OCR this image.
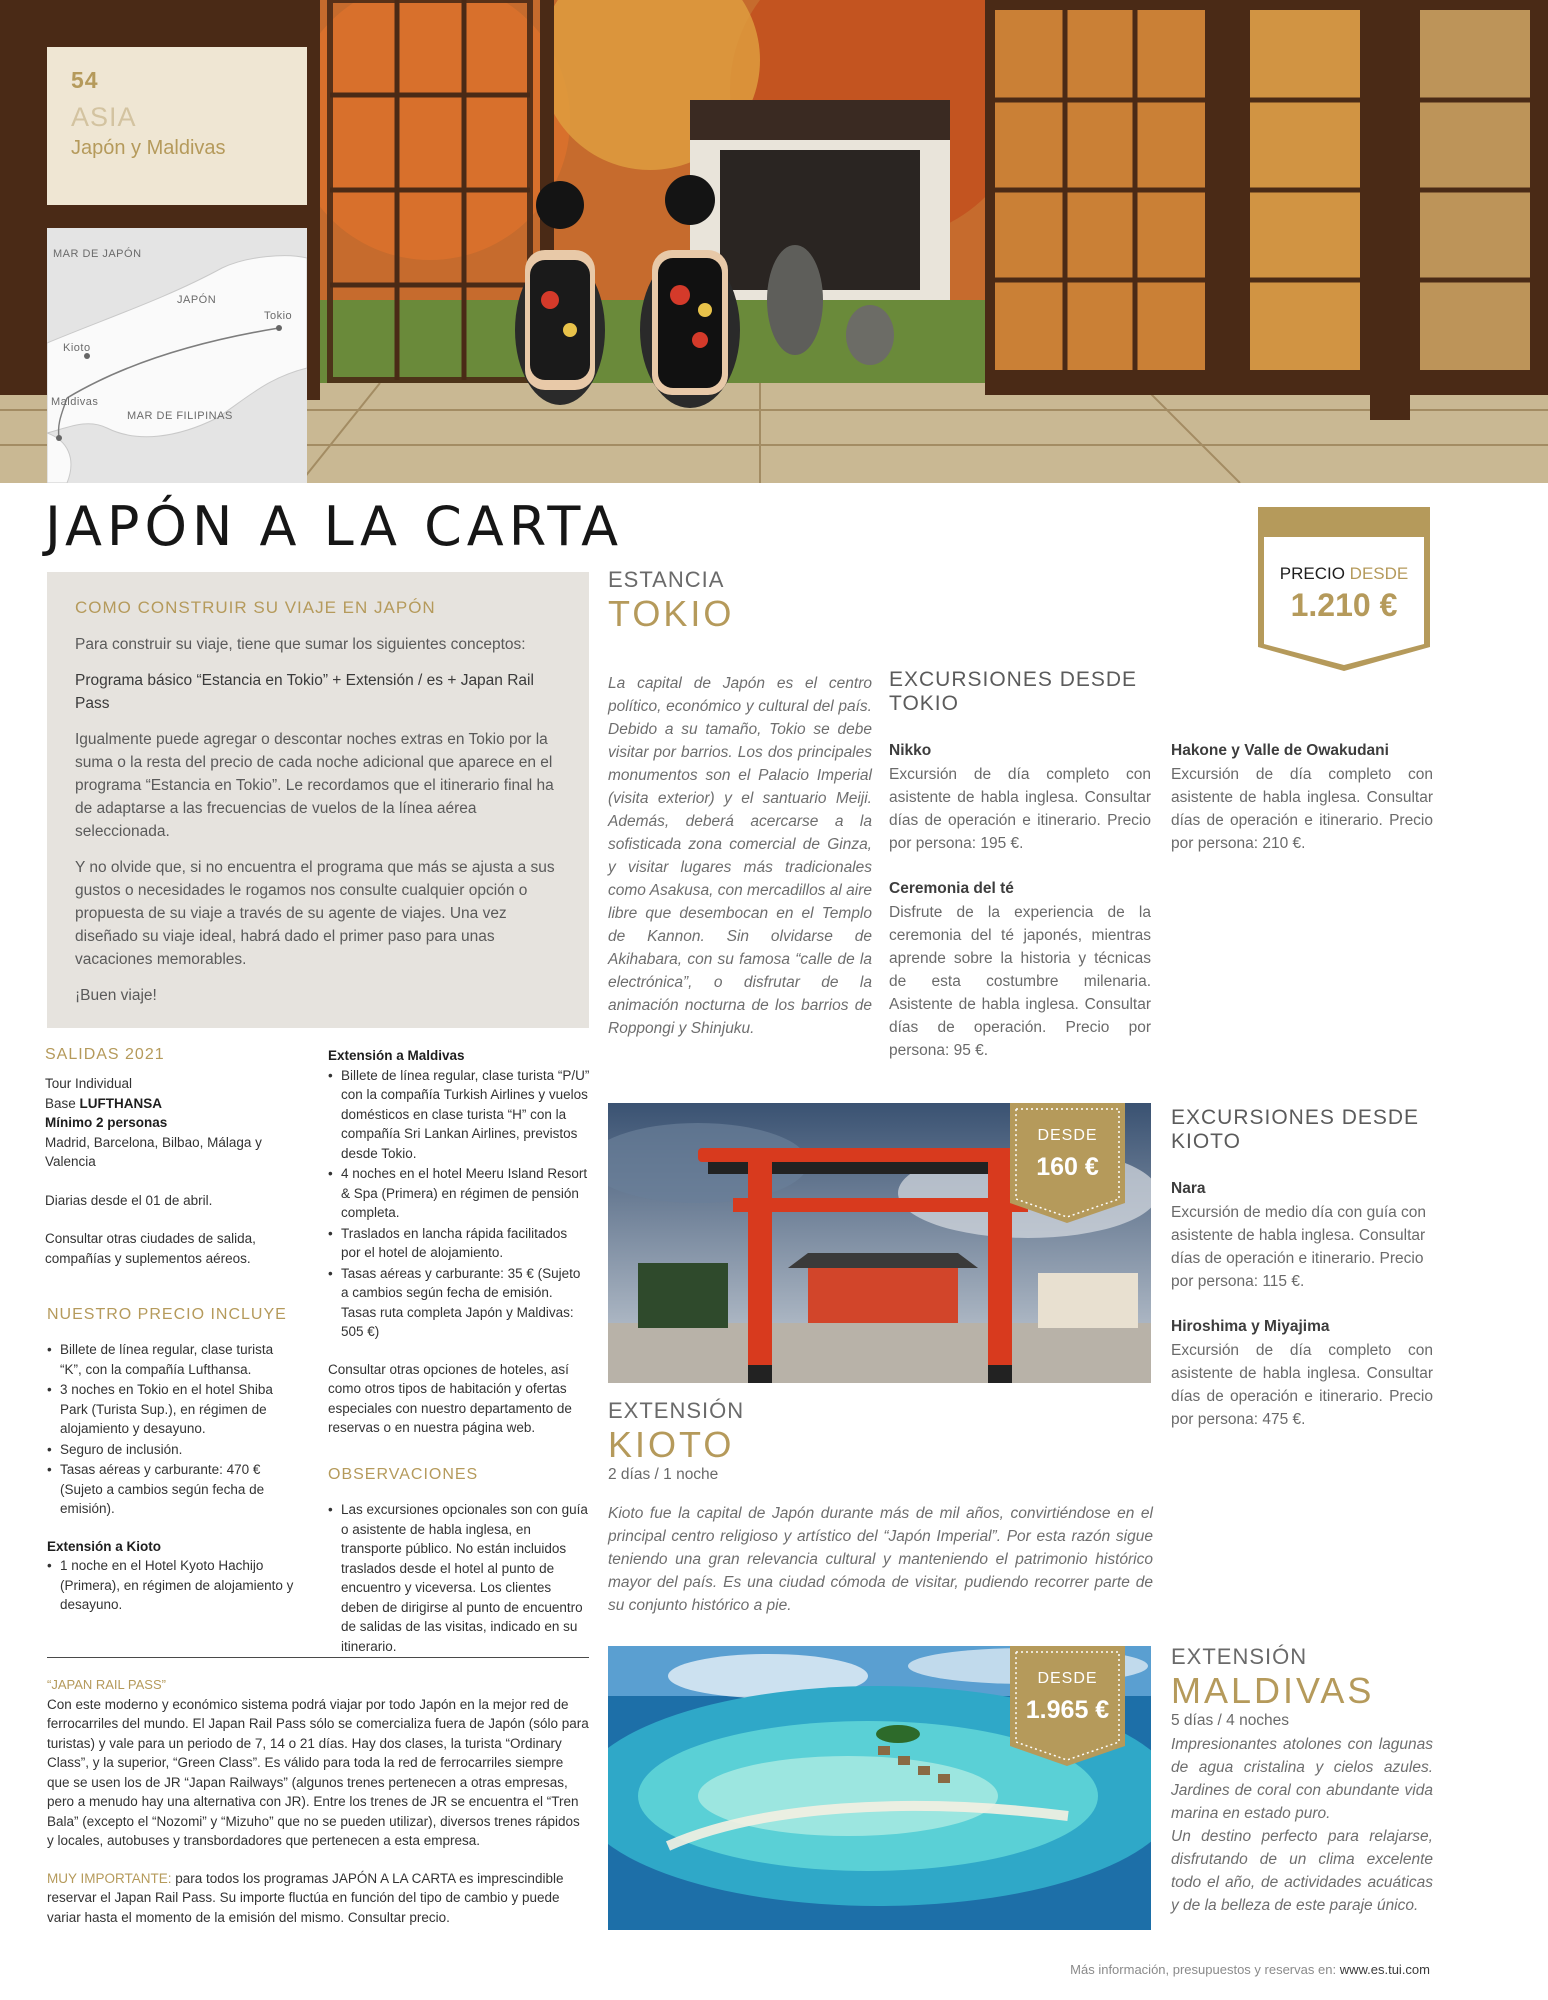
54
ASIA
Japón y Maldivas
MAR DE JAPÓN
JAPÓN
Tokio
Kioto
Maldivas
MAR DE FILIPINAS
JAPÓN A LA CARTA
COMO CONSTRUIR SU VIAJE EN JAPÓN

Para construir su viaje, tiene que sumar los siguientes conceptos:

Programa básico “Estancia en Tokio” + Extensión / es + Japan Rail Pass

Igualmente puede agregar o descontar noches extras en Tokio por la suma o la resta del precio de cada noche adicional que aparece en el programa “Estancia en Tokio”. Le recordamos que el itinerario final ha de adaptarse a las frecuencias de vuelos de la línea aérea seleccionada.

Y no olvide que, si no encuentra el programa que más se ajusta a sus gustos o necesidades le rogamos nos consulte cualquier opción o propuesta de su viaje a través de su agente de viajes. Una vez diseñado su viaje ideal, habrá dado el primer paso para unas vacaciones memorables.

¡Buen viaje!

SALIDAS 2021
Tour Individual
Base LUFTHANSA
Mínimo 2 personas
Madrid, Barcelona, Bilbao, Málaga y Valencia
Diarias desde el 01 de abril.
Consultar otras ciudades de salida, compañías y suplementos aéreos.
NUESTRO PRECIO INCLUYE
• Billete de línea regular, clase turista “K”, con la compañía Lufthansa.
• 3 noches en Tokio en el hotel Shiba Park (Turista Sup.), en régimen de alojamiento y desayuno.
• Seguro de inclusión.
• Tasas aéreas y carburante: 470 € (Sujeto a cambios según fecha de emisión).
Extensión a Kioto
• 1 noche en el Hotel Kyoto Hachijo (Primera), en régimen de alojamiento y desayuno.
Extensión a Maldivas
• Billete de línea regular, clase turista “P/U” con la compañía Turkish Airlines y vuelos domésticos en clase turista “H” con la compañía Sri Lankan Airlines, previstos desde Tokio.
• 4 noches en el hotel Meeru Island Resort & Spa (Primera) en régimen de pensión completa.
• Traslados en lancha rápida facilitados por el hotel de alojamiento.
• Tasas aéreas y carburante: 35 € (Sujeto a cambios según fecha de emisión. Tasas ruta completa Japón y Maldivas: 505 €)
Consultar otras opciones de hoteles, así como otros tipos de habitación y ofertas especiales con nuestro departamento de reservas o en nuestra página web.
OBSERVACIONES
• Las excursiones opcionales son con guía o asistente de habla inglesa, en transporte público. No están incluidos traslados desde el hotel al punto de encuentro y viceversa. Los clientes deben de dirigirse al punto de encuentro de salidas de las visitas, indicado en su itinerario.
“JAPAN RAIL PASS”
Con este moderno y económico sistema podrá viajar por todo Japón en la mejor red de ferrocarriles del mundo. El Japan Rail Pass sólo se comercializa fuera de Japón (sólo para turistas) y vale para un periodo de 7, 14 o 21 días. Hay dos clases, la turista “Ordinary Class”, y la superior, “Green Class”. Es válido para toda la red de ferrocarriles siempre que se usen los de JR “Japan Railways” (algunos trenes pertenecen a otras empresas, pero a menudo hay una alternativa con JR). Entre los trenes de JR se encuentra el “Tren Bala” (excepto el “Nozomi” y “Mizuho” que no se pueden utilizar), diversos trenes rápidos y locales, autobuses y transbordadores que pertenecen a esta empresa.
MUY IMPORTANTE: para todos los programas JAPÓN A LA CARTA es imprescindible reservar el Japan Rail Pass. Su importe fluctúa en función del tipo de cambio y puede variar hasta el momento de la emisión del mismo. Consultar precio.
ESTANCIA
TOKIO
La capital de Japón es el centro político, económico y cultural del país. Debido a su tamaño, Tokio se debe visitar por barrios. Los dos principales monumentos son el Palacio Imperial (visita exterior) y el santuario Meiji. Además, deberá acercarse a la sofisticada zona comercial de Ginza, y visitar lugares más tradicionales como Asakusa, con mercadillos al aire libre que desembocan en el Templo de Kannon. Sin olvidarse de Akihabara, con su famosa “calle de la electrónica”, o disfrutar de la animación nocturna de los barrios de Roppongi y Shinjuku.
PRECIO DESDE
1.210 €
EXCURSIONES DESDE TOKIO
Nikko
Excursión de día completo con asistente de habla inglesa. Consultar días de operación e itinerario. Precio por persona: 195 €.
Ceremonia del té
Disfrute de la experiencia de la ceremonia del té japonés, mientras aprende sobre la historia y técnicas de esta costumbre milenaria. Asistente de habla inglesa. Consultar días de operación. Precio por persona: 95 €.
Hakone y Valle de Owakudani
Excursión de día completo con asistente de habla inglesa. Consultar días de operación e itinerario. Precio por persona: 210 €.
DESDE
160 €
EXTENSIÓN
KIOTO
2 días / 1 noche
Kioto fue la capital de Japón durante más de mil años, convirtiéndose en el principal centro religioso y artístico del “Japón Imperial”. Por esta razón sigue teniendo una gran relevancia cultural y manteniendo el patrimonio histórico mayor del país. Es una ciudad cómoda de visitar, pudiendo recorrer parte de su conjunto histórico a pie.
EXCURSIONES DESDE KIOTO
Nara
Excursión de medio día con guía con asistente de habla inglesa. Consultar días de operación e itinerario. Precio por persona: 115 €.
Hiroshima y Miyajima
Excursión de día completo con asistente de habla inglesa. Consultar días de operación e itinerario. Precio por persona: 475 €.
DESDE
1.965 €
EXTENSIÓN
MALDIVAS
5 días / 4 noches
Impresionantes atolones con lagunas de agua cristalina y cielos azules. Jardines de coral con abundante vida marina en estado puro.
Un destino perfecto para relajarse, disfrutando de un clima excelente todo el año, de actividades acuáticas y de la belleza de este paraje único.
Más información, presupuestos y reservas en: www.es.tui.com
